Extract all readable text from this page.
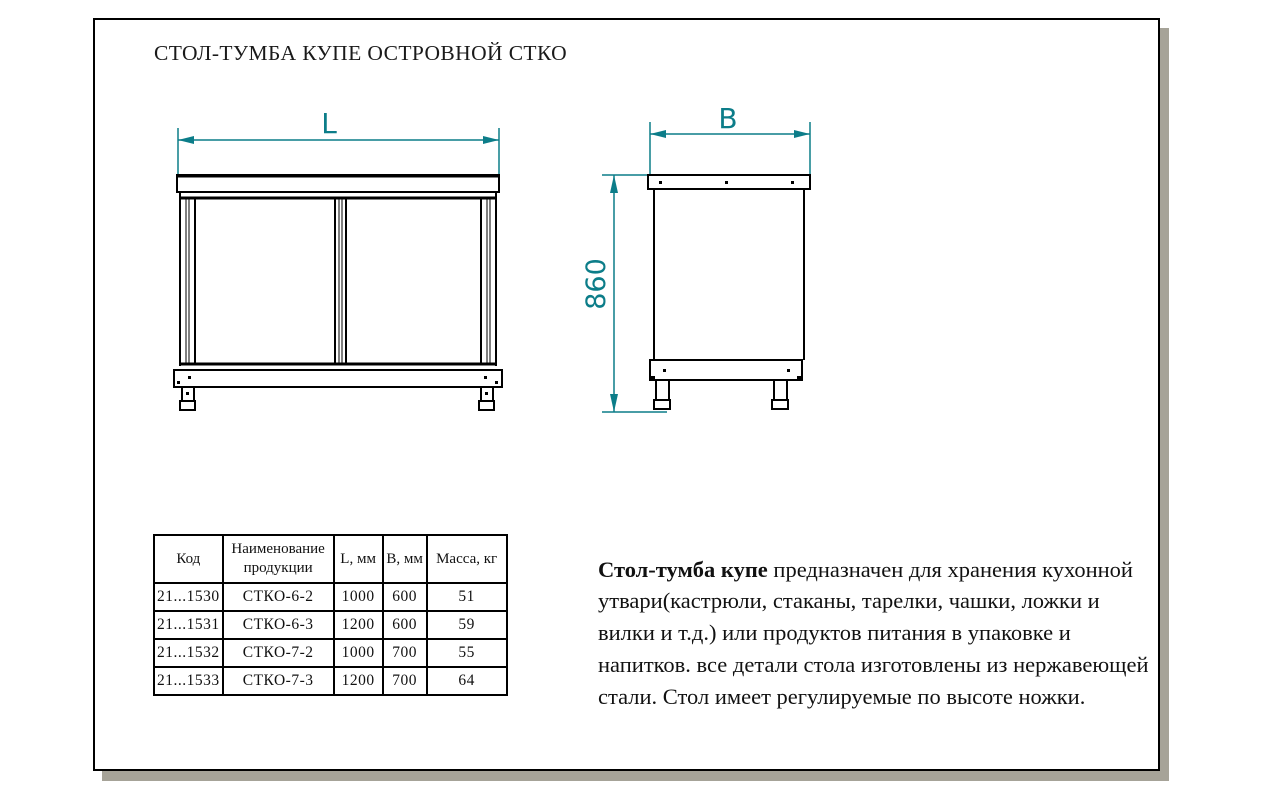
СТОЛ-ТУМБА КУПЕ ОСТРОВНОЙ СТКО
L	B
860
Код	Наименование продукции	L, мм	B, мм	Масса, кг
21...1530	СТКО-6-2	1000	600	51
21...1531	СТКО-6-3	1200	600	59
21...1532	СТКО-7-2	1000	700	55
21...1533	СТКО-7-3	1200	700	64

Стол-тумба купе предназначен для хранения кухонной утвари(кастрюли, стаканы, тарелки, чашки, ложки и вилки и т.д.) или продуктов питания в упаковке и напитков. все детали стола изготовлены из нержавеющей стали. Стол имеет регулируемые по высоте ножки.
